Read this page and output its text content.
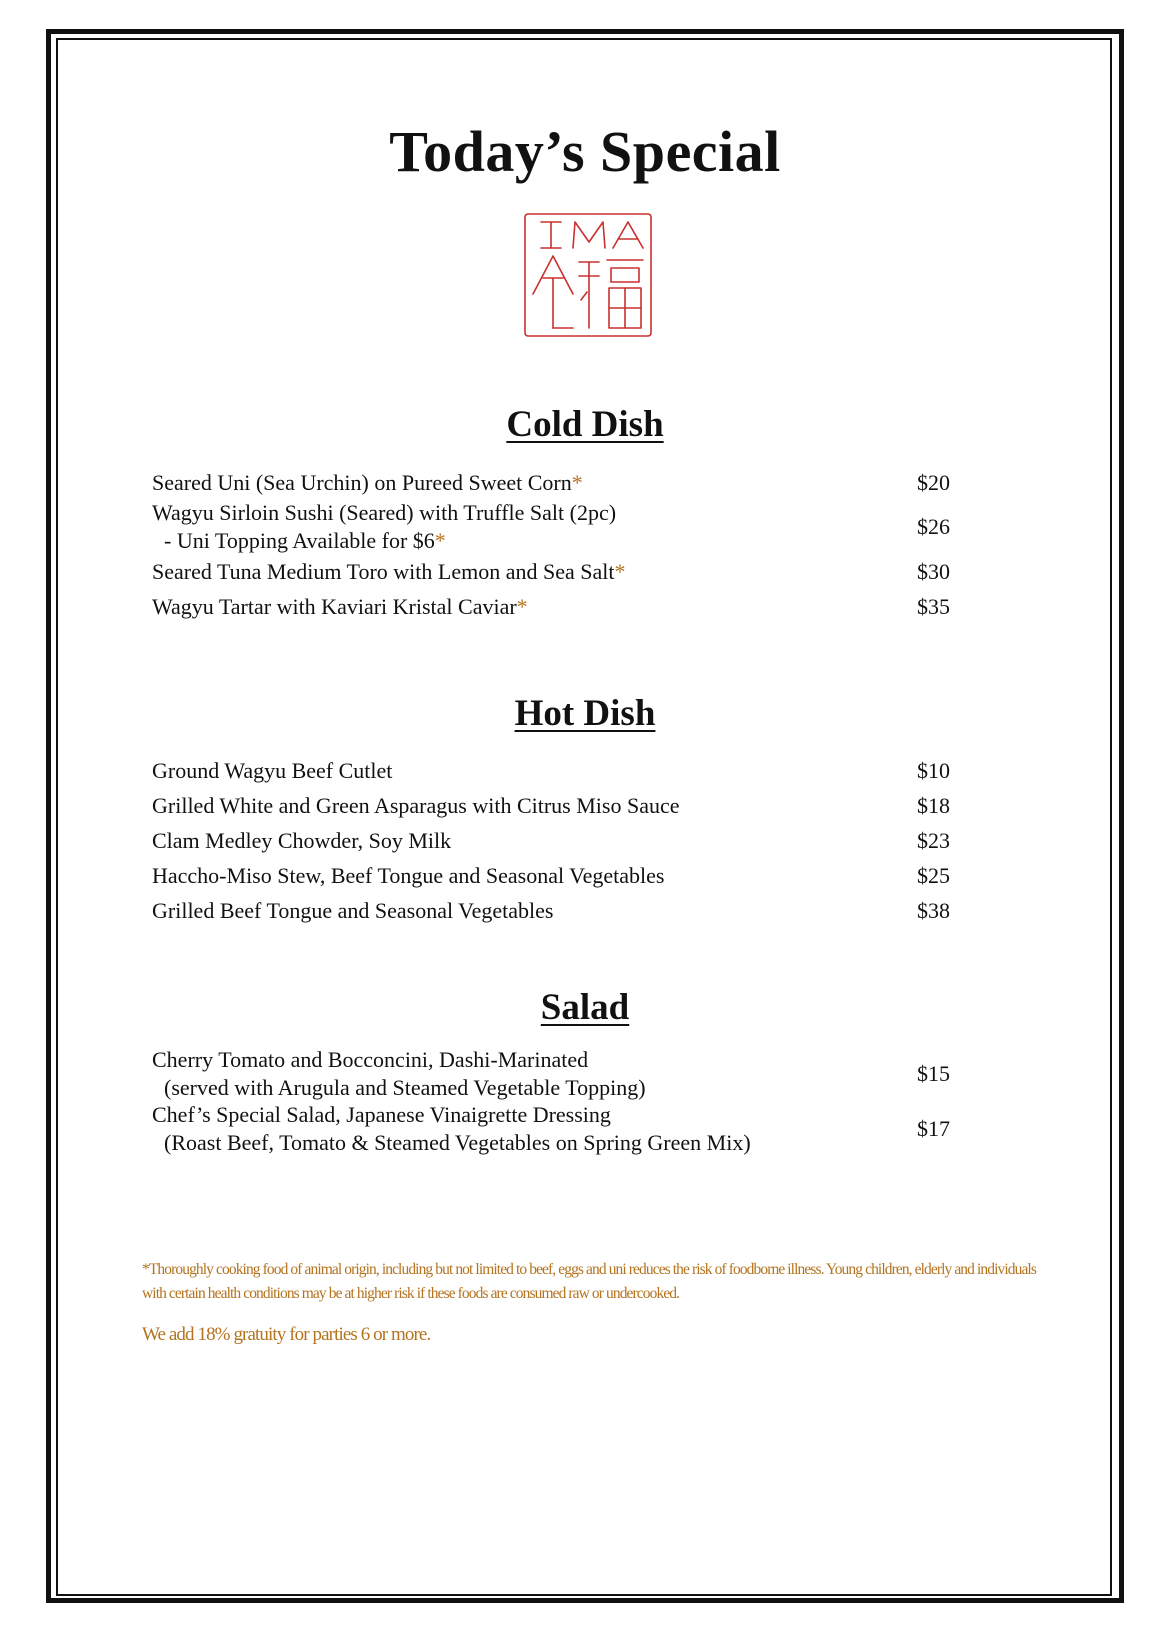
Today’s Special
Cold Dish
Seared Uni (Sea Urchin) on Pureed Sweet Corn*	$20
Wagyu Sirloin Sushi (Seared) with Truffle Salt (2pc)
- Uni Topping Available for $6*
$26
Seared Tuna Medium Toro with Lemon and Sea Salt*	$30
Wagyu Tartar with Kaviari Kristal Caviar*	$35
Hot Dish
Ground Wagyu Beef Cutlet	$10
Grilled White and Green Asparagus with Citrus Miso Sauce	$18
Clam Medley Chowder, Soy Milk	$23
Haccho-Miso Stew, Beef Tongue and Seasonal Vegetables	$25
Grilled Beef Tongue and Seasonal Vegetables	$38
Salad
Cherry Tomato and Bocconcini, Dashi-Marinated
(served with Arugula and Steamed Vegetable Topping)
$15
Chef’s Special Salad, Japanese Vinaigrette Dressing
(Roast Beef, Tomato & Steamed Vegetables on Spring Green Mix)
$17

*Thoroughly cooking food of animal origin, including but not limited to beef, eggs and uni reduces the risk of foodborne illness. Young children, elderly and individuals with certain health conditions may be at higher risk if these foods are consumed raw or undercooked.

We add 18% gratuity for parties 6 or more.
